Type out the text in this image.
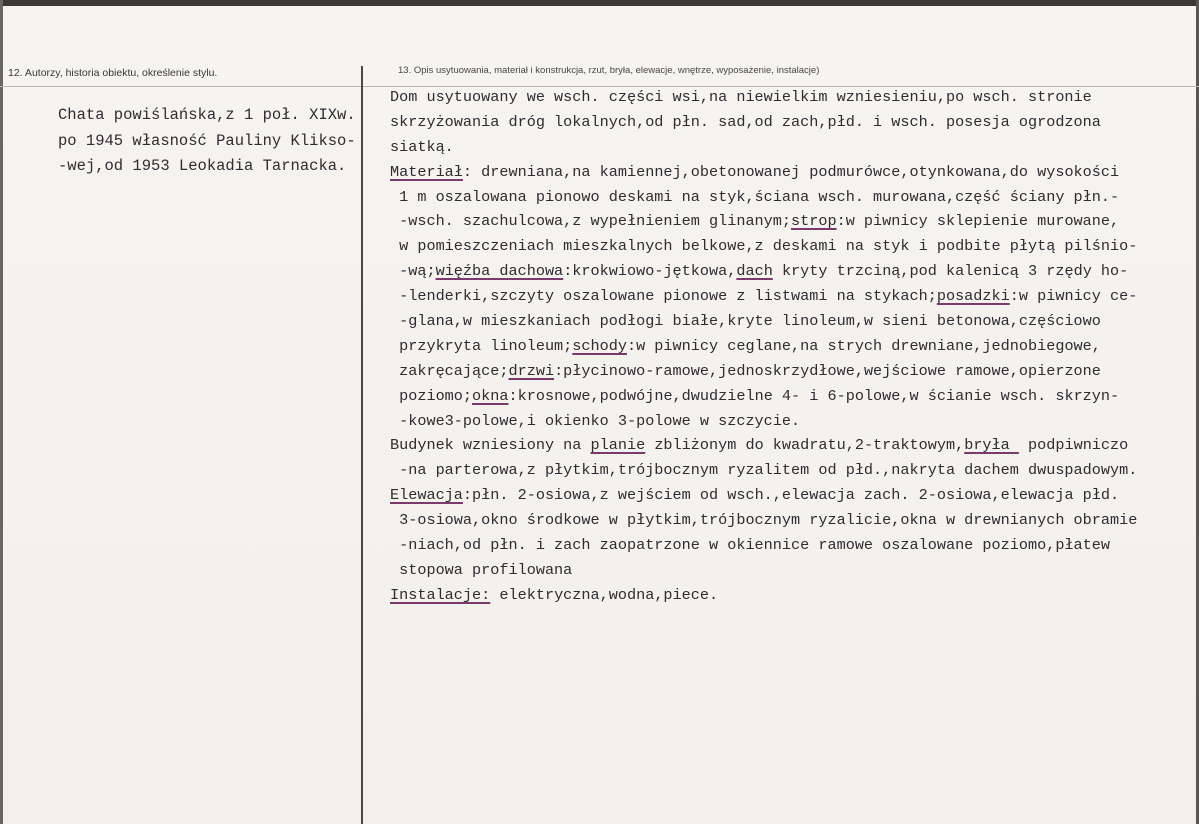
12. Autorzy, historia obiektu, określenie stylu.	13. Opis usytuowania, materiał i konstrukcja, rzut, bryła, elewacje, wnętrze, wyposażenie, instalacje)
Chata powiślańska,z 1 poł. XIXw.
po 1945 własność Pauliny Klikso-
-wej,od 1953 Leokadia Tarnacka.
Dom usytuowany we wsch. części wsi,na niewielkim wzniesieniu,po wsch. stronie
skrzyżowania dróg lokalnych,od płn. sad,od zach,płd. i wsch. posesja ogrodzona
siatką.
Materiał: drewniana,na kamiennej,obetonowanej podmurówce,otynkowana,do wysokości
1 m oszalowana pionowo deskami na styk,ściana wsch. murowana,część ściany płn.-
-wsch. szachulcowa,z wypełnieniem glinanym;strop:w piwnicy sklepienie murowane,
w pomieszczeniach mieszkalnych belkowe,z deskami na styk i podbite płytą pilśnio-
-wą;więźba dachowa:krokwiowo-jętkowa,dach kryty trzciną,pod kalenicą 3 rzędy ho-
-lenderki,szczyty oszalowane pionowe z listwami na stykach;posadzki:w piwnicy ce-
-glana,w mieszkaniach podłogi białe,kryte linoleum,w sieni betonowa,częściowo
przykryta linoleum;schody:w piwnicy ceglane,na strych drewniane,jednobiegowe,
zakręcające;drzwi:płycinowo-ramowe,jednoskrzydłowe,wejściowe ramowe,opierzone
poziomo;okna:krosnowe,podwójne,dwudzielne 4- i 6-polowe,w ścianie wsch. skrzyn-
-kowe3-polowe,i okienko 3-polowe w szczycie.
Budynek wzniesiony na planie zbliżonym do kwadratu,2-traktowym,bryła  podpiwniczo
-na parterowa,z płytkim,trójbocznym ryzalitem od płd.,nakryta dachem dwuspadowym.
Elewacja:płn. 2-osiowa,z wejściem od wsch.,elewacja zach. 2-osiowa,elewacja płd.
3-osiowa,okno środkowe w płytkim,trójbocznym ryzalicie,okna w drewnianych obramie
-niach,od płn. i zach zaopatrzone w okiennice ramowe oszalowane poziomo,płatew
stopowa profilowana
Instalacje: elektryczna,wodna,piece.
